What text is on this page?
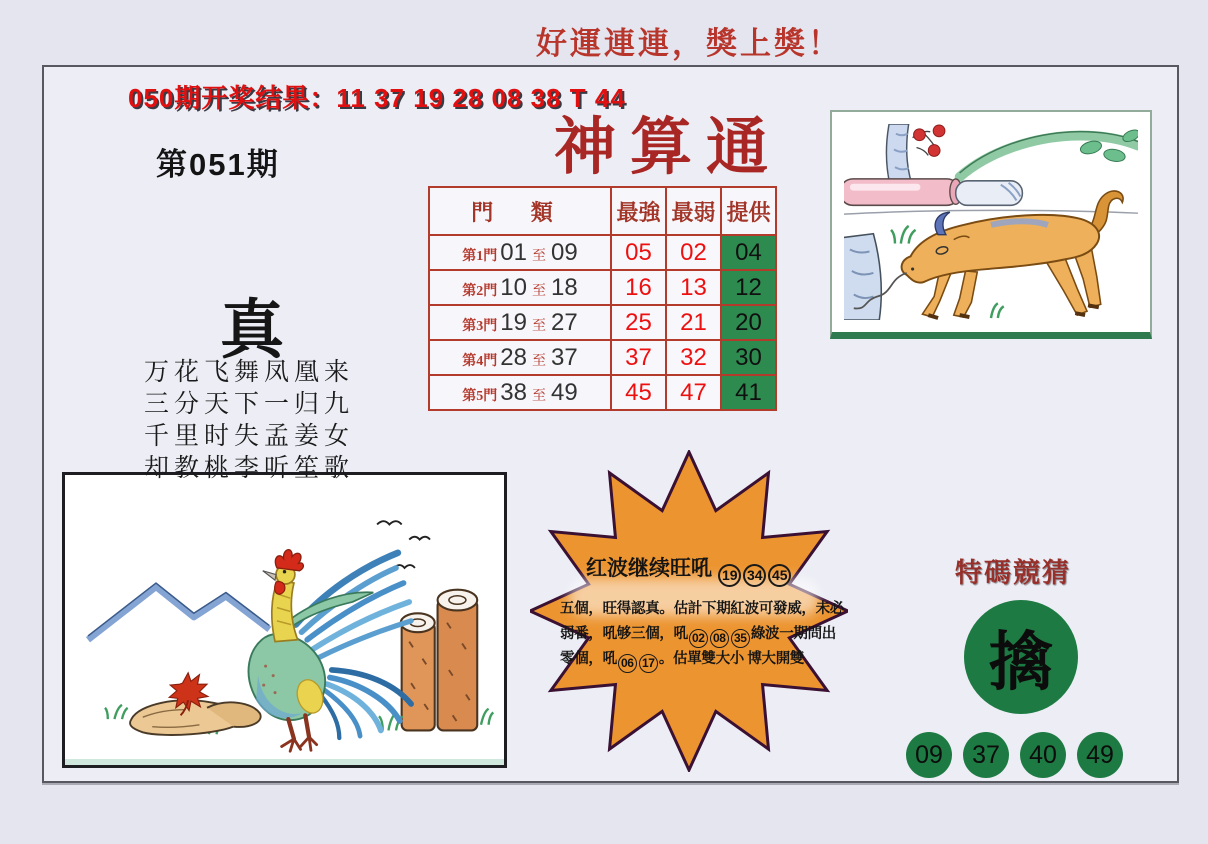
好運連連，獎上獎！
050期开奖结果：11 37 19 28 08 38 T 44
第051期	神算通
門 類	最強	最弱	提供

第1門 01 至 09	05	02	04

第2門 10 至 18	16	13	12

第3門 19 至 27	25	21	20

第4門 28 至 37	37	32	30

第5門 38 至 49	45	47	41
真
万花飞舞凤凰来
三分天下一归九
千里时失孟姜女
却教桃李听笙歌
红波继续旺吼 19 34 45
五個，旺得認真。估計下期紅波可發威，未必
弱番，吼够三個，吼 02 08 35 綠波一期問出
零個，吼 06 17 。估單雙大小 博大開雙
特碼競猜
擒
09	37	40	49
